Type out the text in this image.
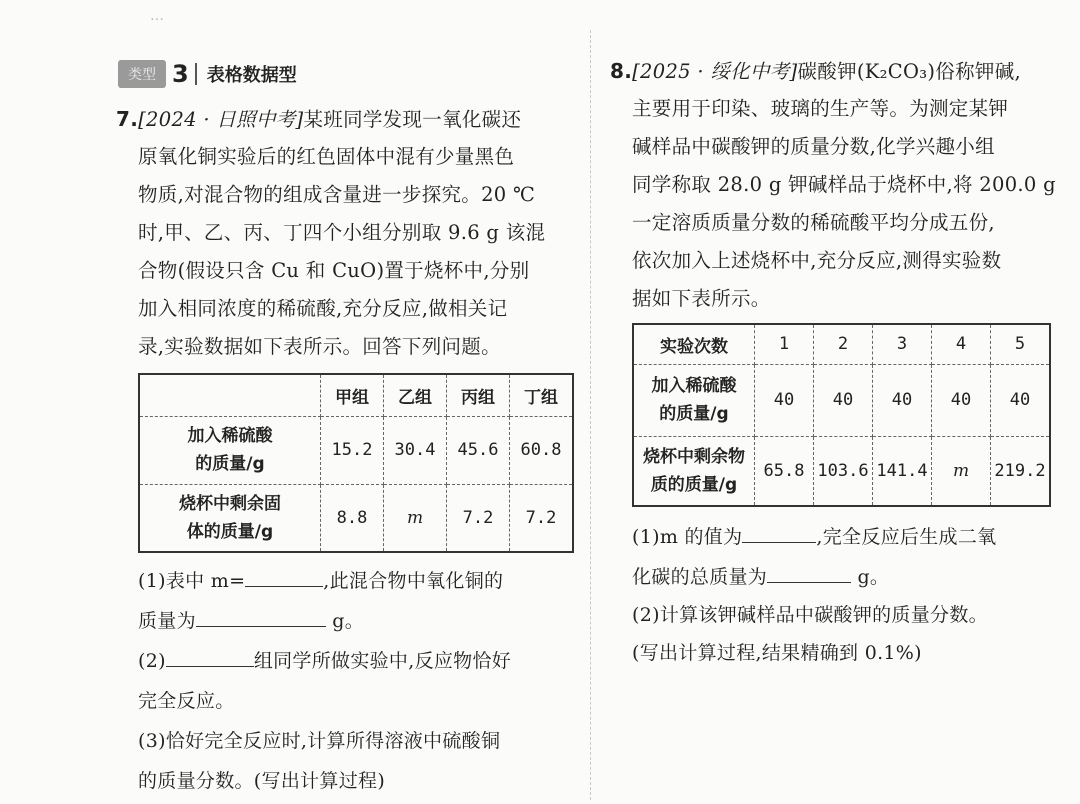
…
类型 3 表格数据型
7.[2024 · 日照中考]某班同学发现一氧化碳还
原氧化铜实验后的红色固体中混有少量黑色
物质,对混合物的组成含量进一步探究。20 ℃
时,甲、乙、丙、丁四个小组分别取 9.6 g 该混
合物(假设只含 Cu 和 CuO)置于烧杯中,分别
加入相同浓度的稀硫酸,充分反应,做相关记
录,实验数据如下表所示。回答下列问题。
	甲组	乙组	丙组	丁组
加入稀硫酸
的质量/g	15.2	30.4	45.6	60.8
烧杯中剩余固
体的质量/g	8.8	m	7.2	7.2
(1)表中 m=	,此混合物中氧化铜的
质量为	g。
(2)	组同学所做实验中,反应物恰好
完全反应。
(3)恰好完全反应时,计算所得溶液中硫酸铜
的质量分数。(写出计算过程)
8.[2025 · 绥化中考]碳酸钾(K₂CO₃)俗称钾碱,
主要用于印染、玻璃的生产等。为测定某钾
碱样品中碳酸钾的质量分数,化学兴趣小组
同学称取 28.0 g 钾碱样品于烧杯中,将 200.0 g
一定溶质质量分数的稀硫酸平均分成五份,
依次加入上述烧杯中,充分反应,测得实验数
据如下表所示。
实验次数	1	2	3	4	5
加入稀硫酸
的质量/g	40	40	40	40	40
烧杯中剩余物
质的质量/g	65.8	103.6	141.4	m	219.2
(1)m 的值为	,完全反应后生成二氧
化碳的总质量为	g。
(2)计算该钾碱样品中碳酸钾的质量分数。
(写出计算过程,结果精确到 0.1%)
